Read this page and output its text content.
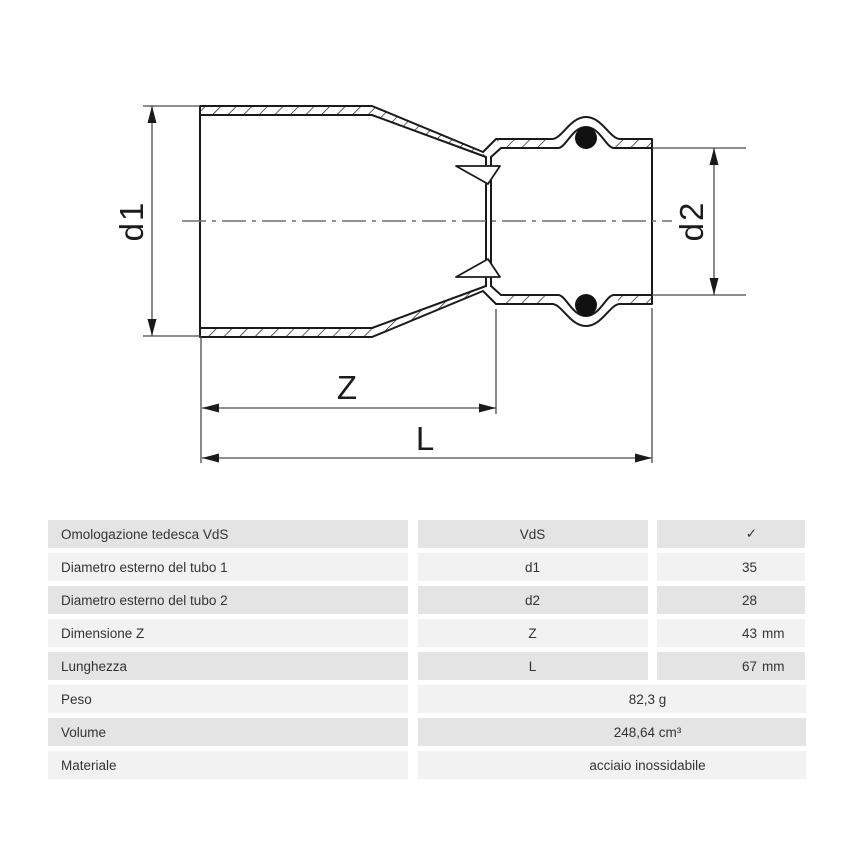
d1	d2
Z
L
Omologazione tedesca VdS	VdS	✓
Diametro esterno del tubo 1	d1	35
Diametro esterno del tubo 2	d2	28
Dimensione Z	Z	43 mm
Lunghezza	L	67 mm
Peso	82,3 g
Volume	248,64 cm³
Materiale	acciaio inossidabile
